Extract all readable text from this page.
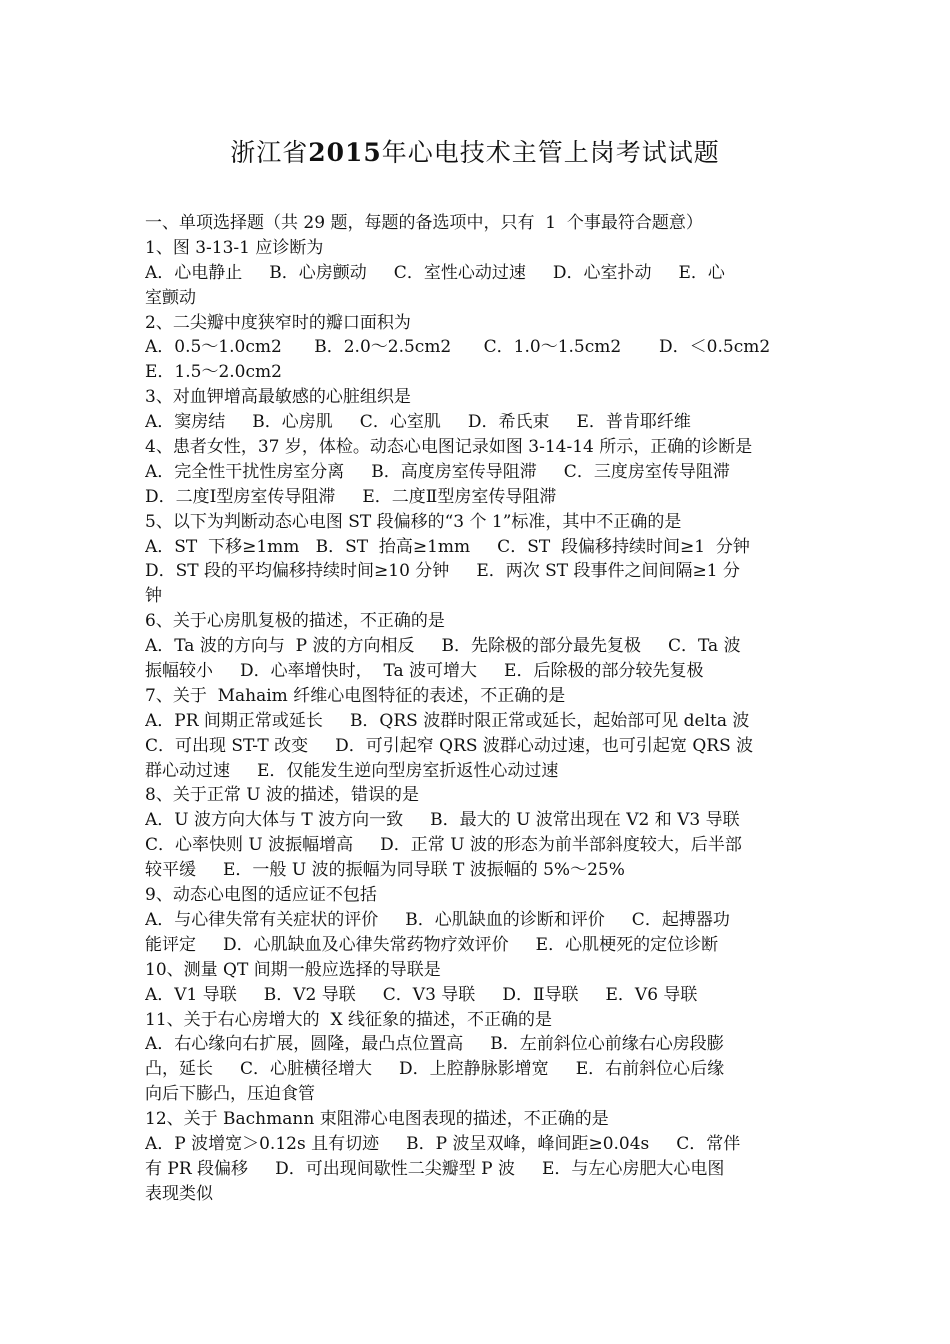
浙江省2015年心电技术主管上岗考试试题
一、单项选择题（共 29 题，每题的备选项中，只有  1  个事最符合题意）
1、图 3-13-1 应诊断为
A．心电静止     B．心房颤动     C．室性心动过速     D．心室扑动     E．心
室颤动
2、二尖瓣中度狭窄时的瓣口面积为
A．0.5～1.0cm2      B．2.0～2.5cm2      C．1.0～1.5cm2       D．＜0.5cm2
E．1.5～2.0cm2
3、对血钾增高最敏感的心脏组织是
A．窦房结     B．心房肌     C．心室肌     D．希氏束     E．普肯耶纤维
4、患者女性，37 岁，体检。动态心电图记录如图 3-14-14 所示，正确的诊断是
A．完全性干扰性房室分离     B．高度房室传导阻滞     C．三度房室传导阻滞
D．二度Ⅰ型房室传导阻滞     E．二度Ⅱ型房室传导阻滞
5、以下为判断动态心电图 ST 段偏移的“3 个 1”标准，其中不正确的是
A．ST  下移≥1mm   B．ST  抬高≥1mm     C．ST  段偏移持续时间≥1  分钟
D．ST 段的平均偏移持续时间≥10 分钟     E．两次 ST 段事件之间间隔≥1 分
钟
6、关于心房肌复极的描述，不正确的是
A．Ta 波的方向与  P 波的方向相反     B．先除极的部分最先复极     C．Ta 波
振幅较小     D．心率增快时，  Ta 波可增大     E．后除极的部分较先复极
7、关于  Mahaim 纤维心电图特征的表述，不正确的是
A．PR 间期正常或延长     B．QRS 波群时限正常或延长，起始部可见 delta 波
C．可出现 ST-T 改变     D．可引起窄 QRS 波群心动过速，也可引起宽 QRS 波
群心动过速     E．仅能发生逆向型房室折返性心动过速
8、关于正常 U 波的描述，错误的是
A．U 波方向大体与 T 波方向一致     B．最大的 U 波常出现在 V2 和 V3 导联
C．心率快则 U 波振幅增高     D．正常 U 波的形态为前半部斜度较大，后半部
较平缓     E．一般 U 波的振幅为同导联 T 波振幅的 5%～25%
9、动态心电图的适应证不包括
A．与心律失常有关症状的评价     B．心肌缺血的诊断和评价     C．起搏器功
能评定     D．心肌缺血及心律失常药物疗效评价     E．心肌梗死的定位诊断
10、测量 QT 间期一般应选择的导联是
A．V1 导联     B．V2 导联     C．V3 导联     D．Ⅱ导联     E．V6 导联
11、关于右心房增大的  X 线征象的描述，不正确的是
A．右心缘向右扩展，圆隆，最凸点位置高     B．左前斜位心前缘右心房段膨
凸，延长     C．心脏横径增大     D．上腔静脉影增宽     E．右前斜位心后缘
向后下膨凸，压迫食管
12、关于 Bachmann 束阻滞心电图表现的描述，不正确的是
A．P 波增宽＞0.12s 且有切迹     B．P 波呈双峰，峰间距≥0.04s     C．常伴
有 PR 段偏移     D．可出现间歇性二尖瓣型 P 波     E．与左心房肥大心电图
表现类似
